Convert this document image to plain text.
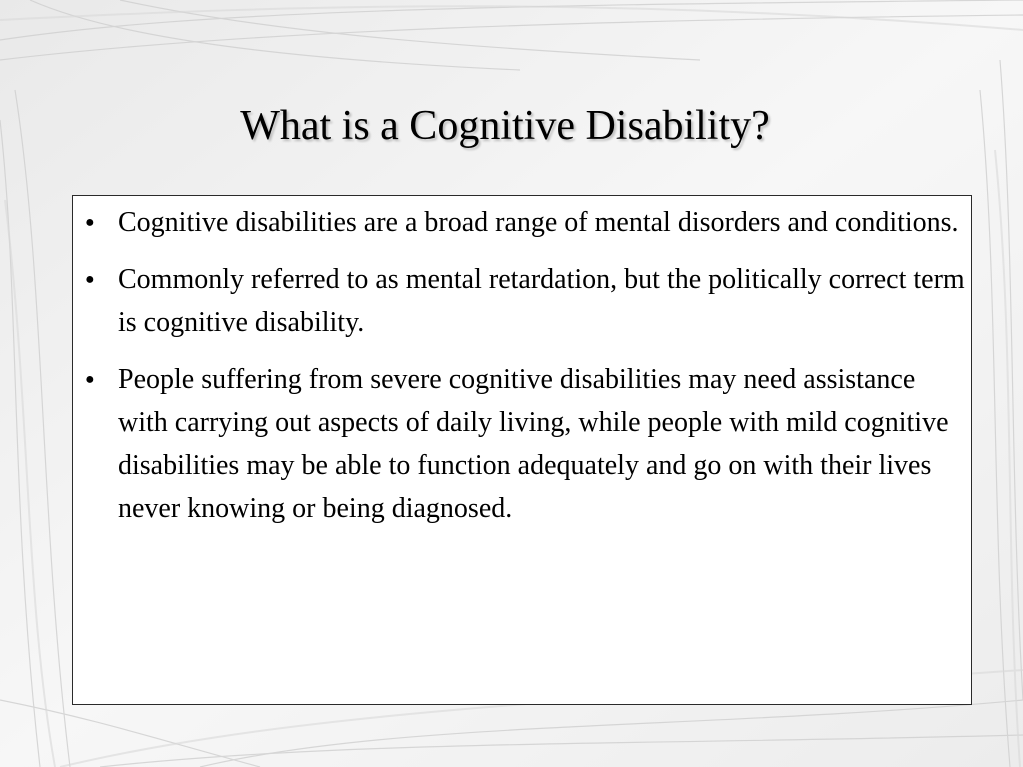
What is a Cognitive Disability?
● Cognitive disabilities are a broad range of mental disorders and conditions.
● Commonly referred to as mental retardation, but the politically correct term is cognitive disability.
● People suffering from severe cognitive disabilities may need assistance with carrying out aspects of daily living, while people with mild cognitive disabilities may be able to function adequately and go on with their lives never knowing or being diagnosed.
